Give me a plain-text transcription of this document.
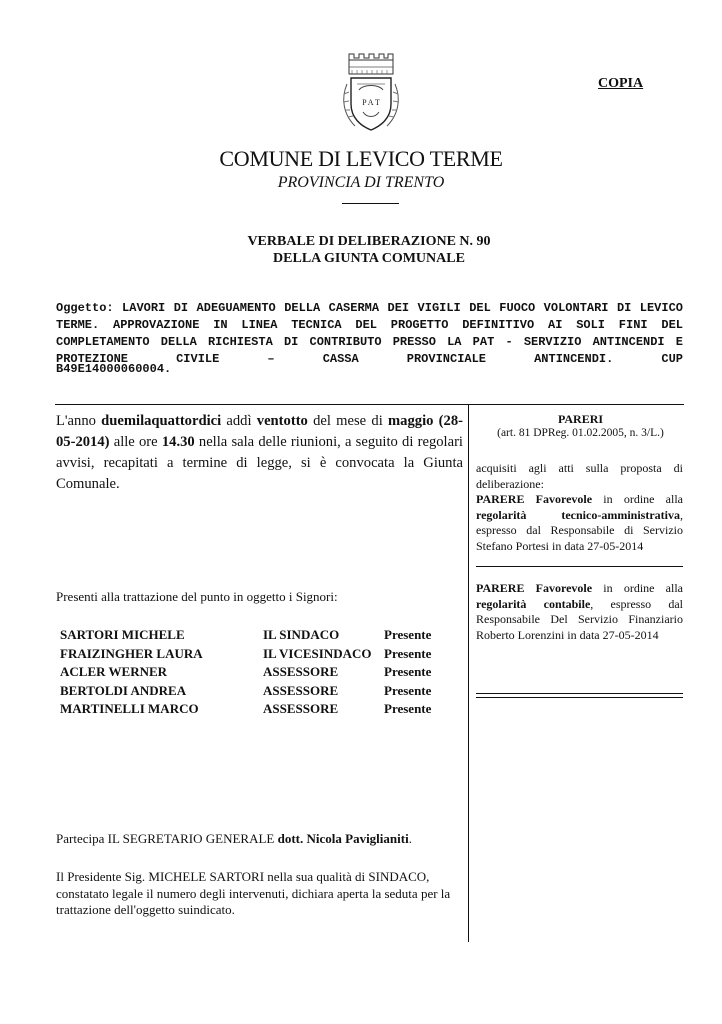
COPIA
P A T
COMUNE DI LEVICO TERME
PROVINCIA DI TRENTO
VERBALE DI DELIBERAZIONE N. 90
DELLA GIUNTA COMUNALE

Oggetto: LAVORI DI ADEGUAMENTO DELLA CASERMA DEI VIGILI DEL FUOCO VOLONTARI DI LEVICO TERME. APPROVAZIONE IN LINEA TECNICA DEL PROGETTO DEFINITIVO AI SOLI FINI DEL COMPLETAMENTO DELLA RICHIESTA DI CONTRIBUTO PRESSO LA PAT - SERVIZIO ANTINCENDI E PROTEZIONE CIVILE – CASSA PROVINCIALE ANTINCENDI. CUP

B49E14000060004.
L'anno duemilaquattordici addì ventotto del mese di maggio (28-05-2014) alle ore 14.30 nella sala delle riunioni, a seguito di regolari avvisi, recapitati a termine di legge, si è convocata la Giunta Comunale.
Presenti alla trattazione del punto in oggetto i Signori:
SARTORI MICHELE	IL SINDACO	Presente
FRAIZINGHER LAURA	IL VICESINDACO	Presente
ACLER WERNER	ASSESSORE	Presente
BERTOLDI ANDREA	ASSESSORE	Presente
MARTINELLI MARCO	ASSESSORE	Presente
Partecipa IL SEGRETARIO GENERALE dott. Nicola Paviglianiti.
Il Presidente Sig. MICHELE SARTORI nella sua qualità di SINDACO, constatato legale il numero degli intervenuti, dichiara aperta la seduta per la trattazione dell'oggetto suindicato.
PARERI
(art. 81 DPReg. 01.02.2005, n. 3/L.)
acquisiti agli atti sulla proposta di deliberazione:
PARERE Favorevole in ordine alla regolarità tecnico-amministrativa, espresso dal Responsabile di Servizio Stefano Portesi in data 27-05-2014
PARERE Favorevole in ordine alla regolarità contabile, espresso dal Responsabile Del Servizio Finanziario Roberto Lorenzini in data 27-05-2014
